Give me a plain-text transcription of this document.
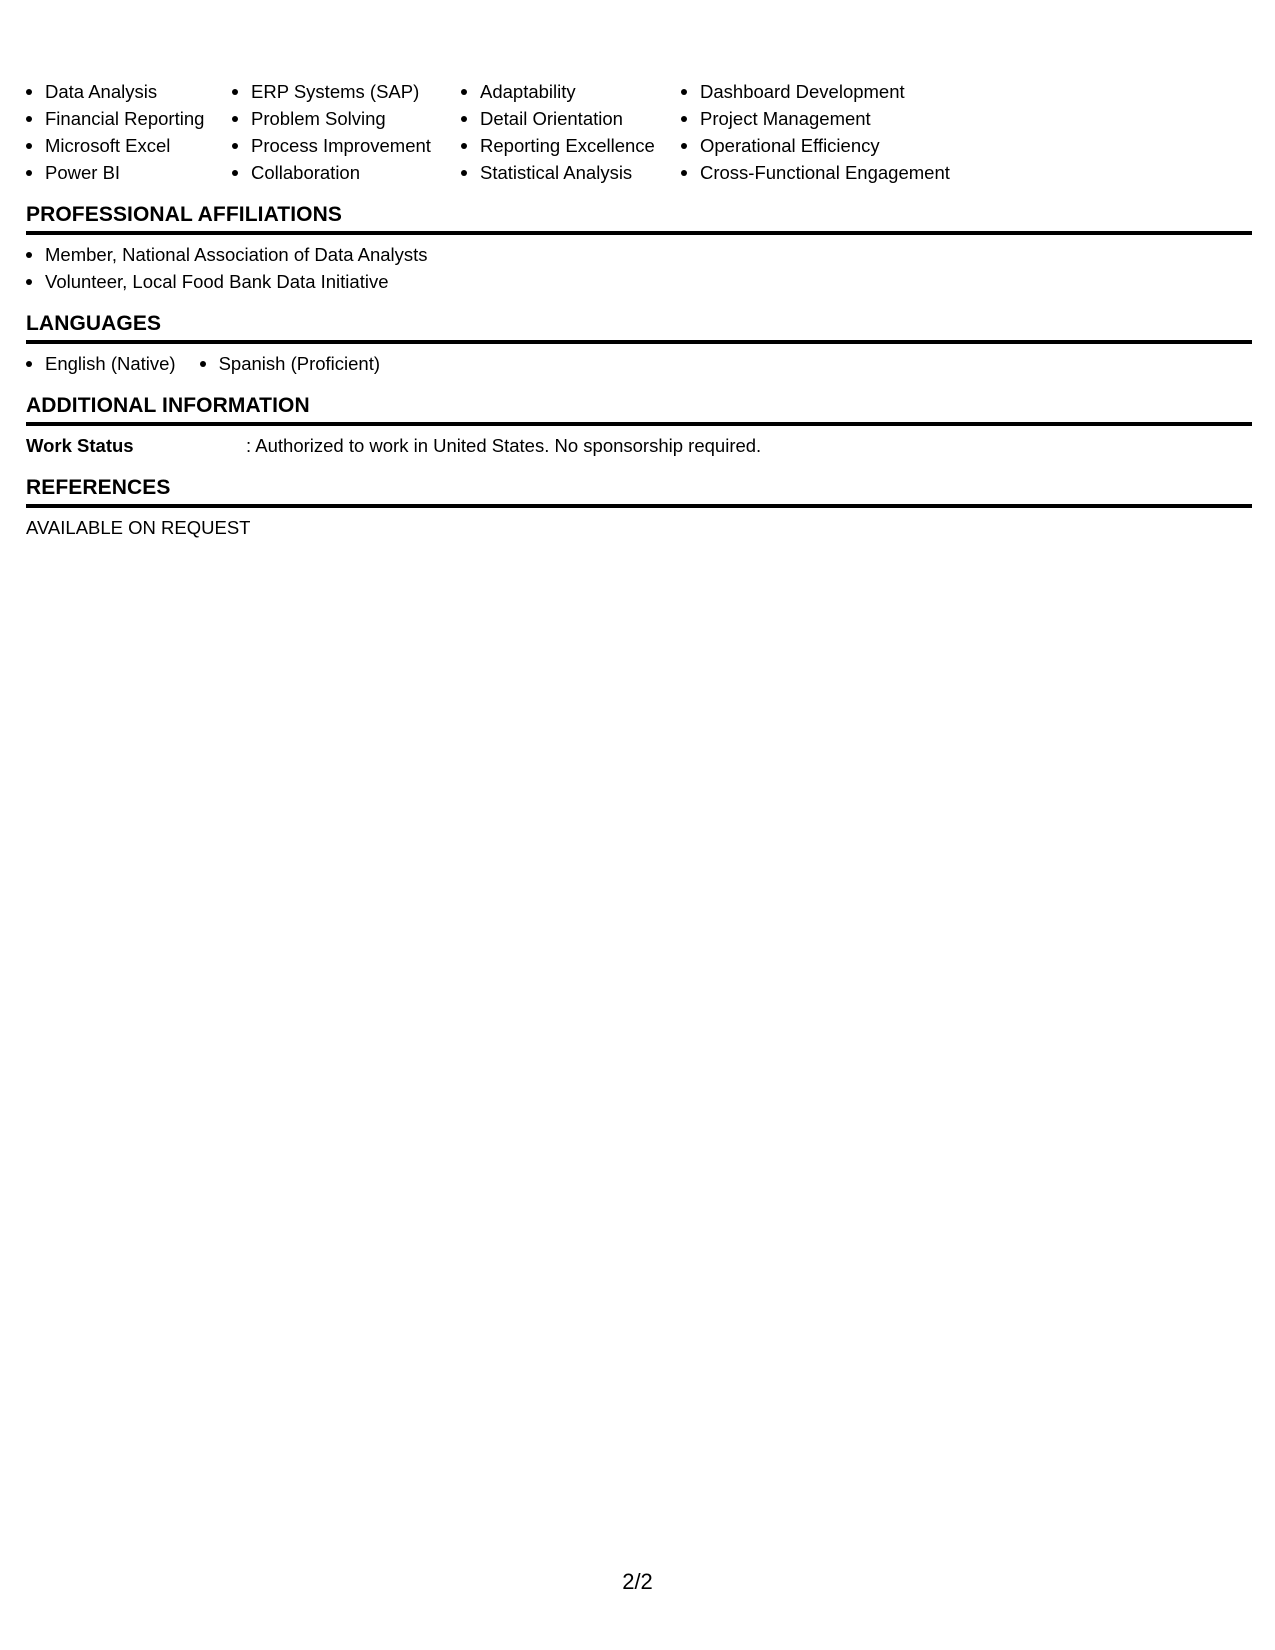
Data Analysis
Financial Reporting
Microsoft Excel
Power BI
ERP Systems (SAP)
Problem Solving
Process Improvement
Collaboration
Adaptability
Detail Orientation
Reporting Excellence
Statistical Analysis
Dashboard Development
Project Management
Operational Efficiency
Cross-Functional Engagement
PROFESSIONAL AFFILIATIONS
Member, National Association of Data Analysts
Volunteer, Local Food Bank Data Initiative
LANGUAGES
English (Native)	Spanish (Proficient)
ADDITIONAL INFORMATION
Work Status	: Authorized to work in United States. No sponsorship required.
REFERENCES
AVAILABLE ON REQUEST
2/2
